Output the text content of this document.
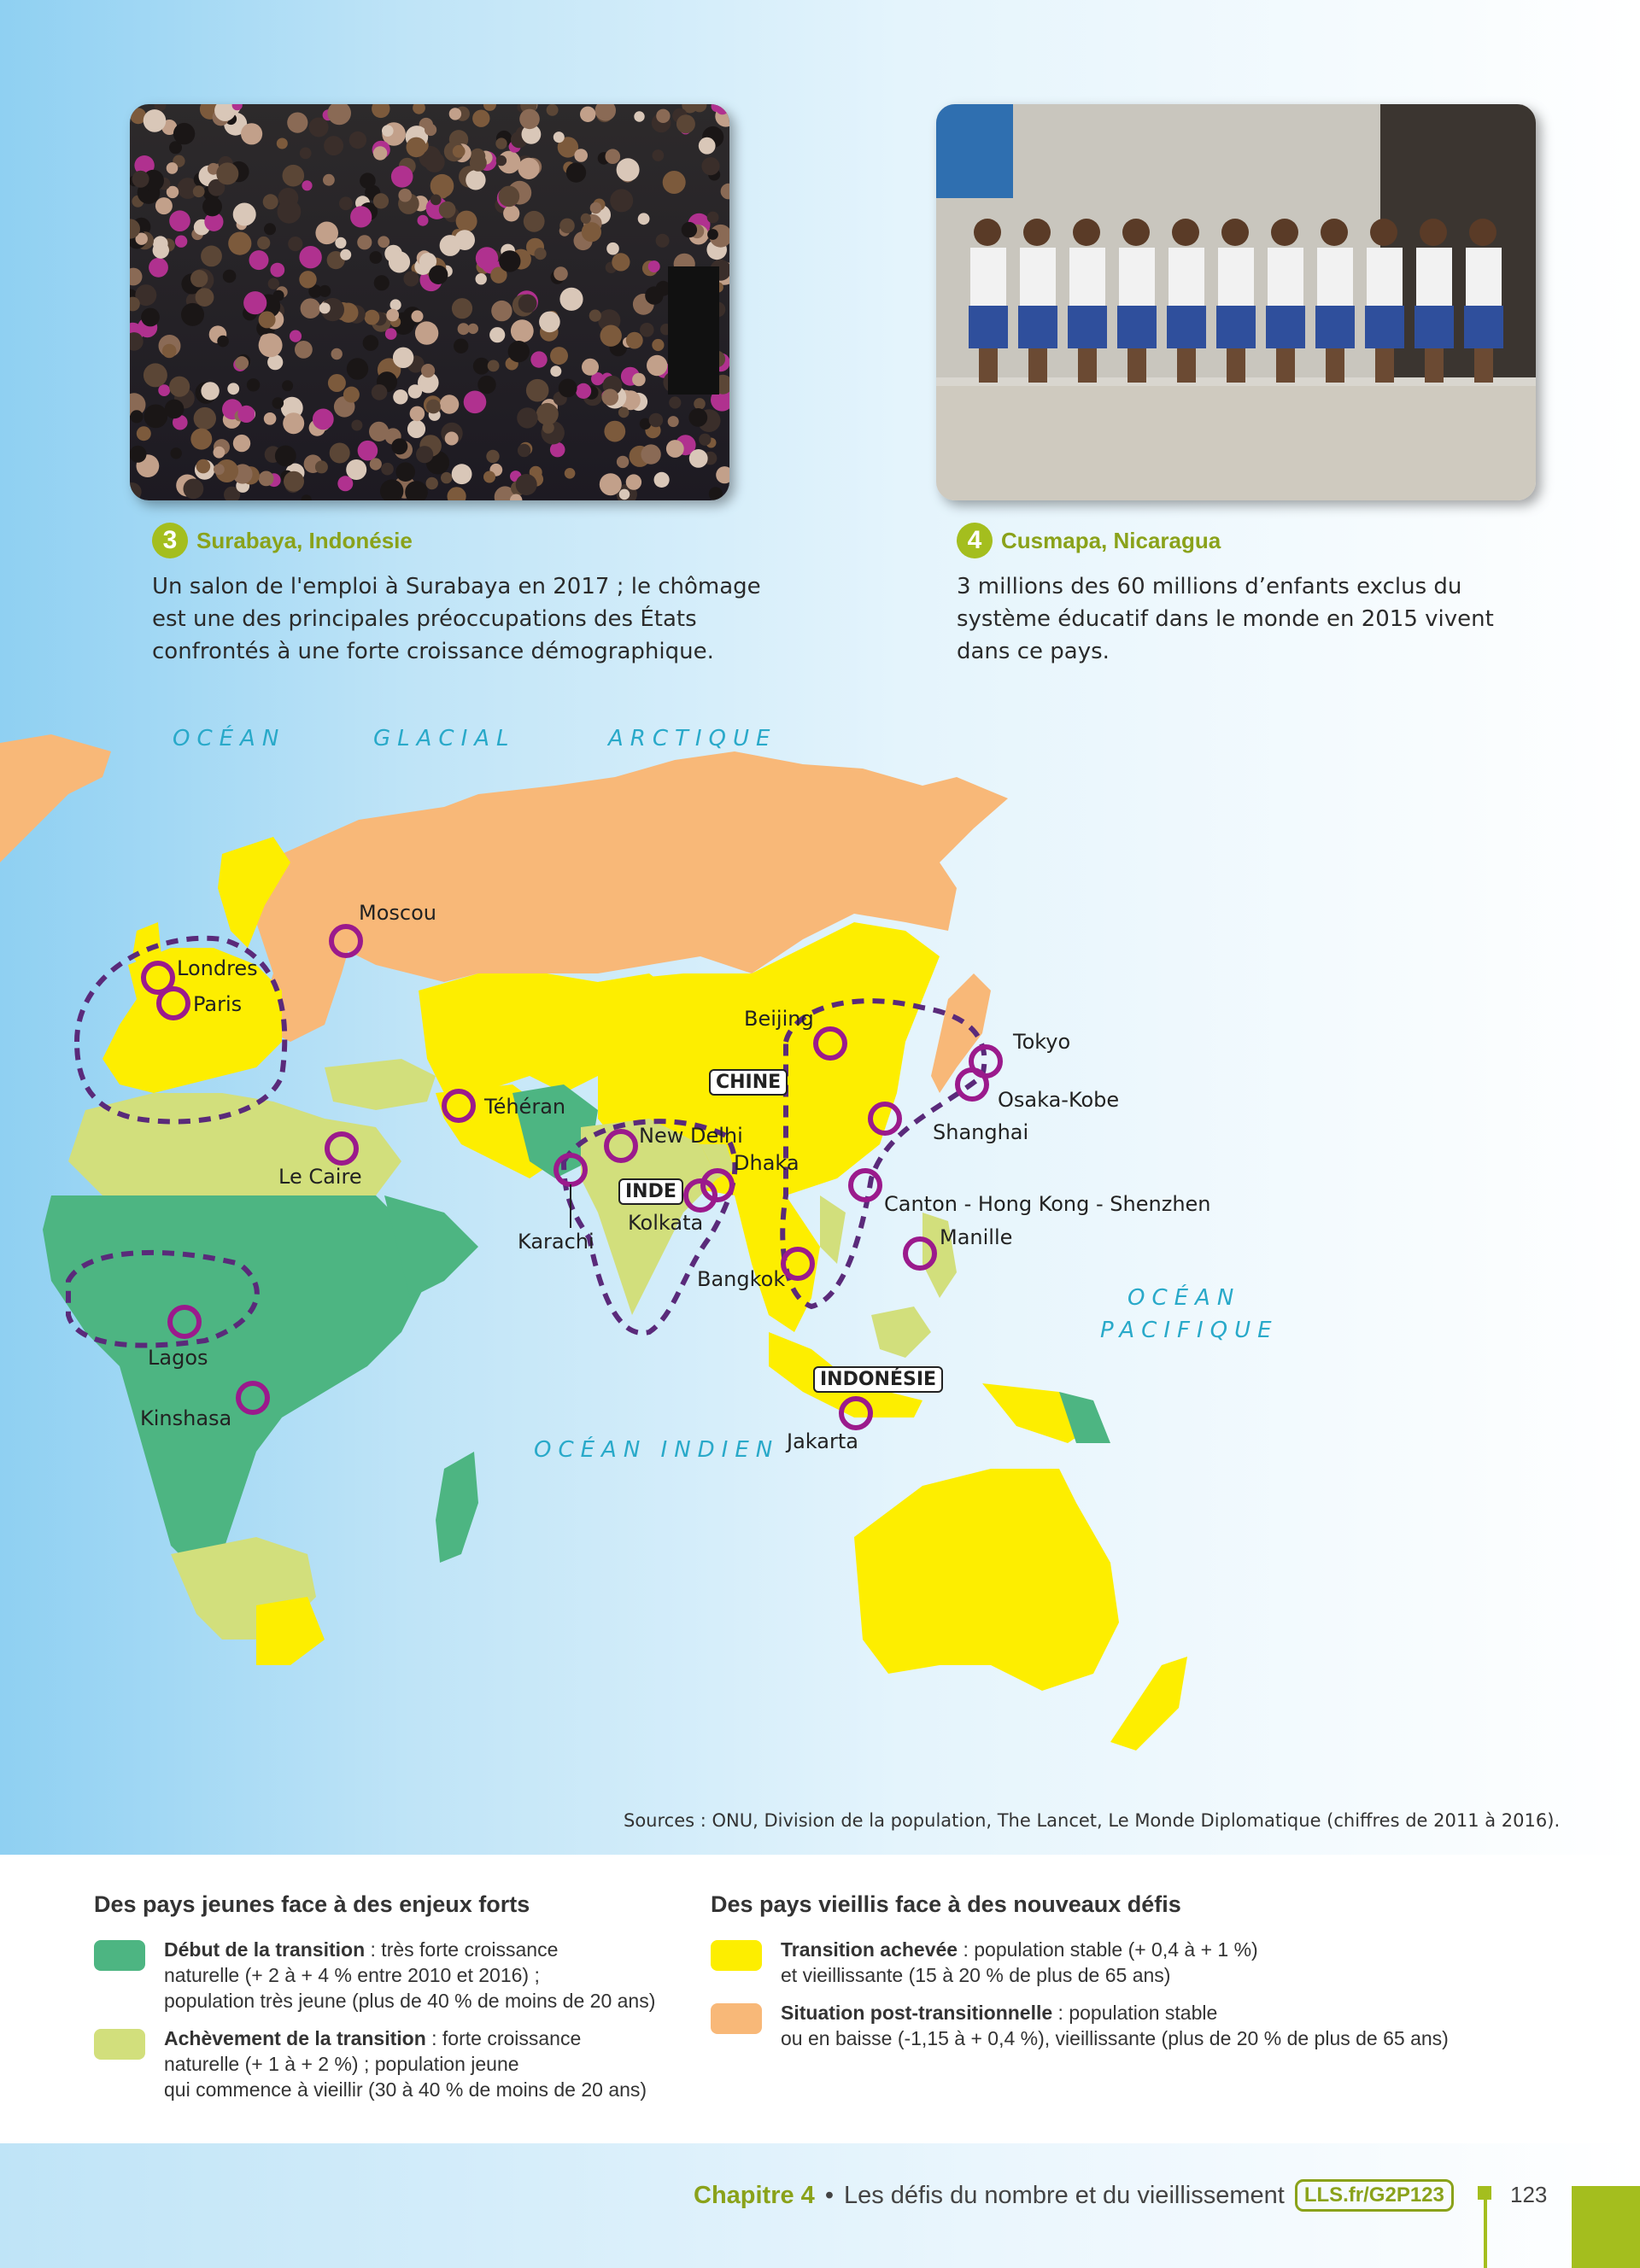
3 Surabaya, Indonésie
Un salon de l'emploi à Surabaya en 2017 ; le chômage
est une des principales préoccupations des États
confrontés à une forte croissance démographique.
4 Cusmapa, Nicaragua
3 millions des 60 millions d’enfants exclus du
système éducatif dans le monde en 2015 vivent
dans ce pays.
OCÉAN	GLACIAL	ARCTIQUE
OCÉAN
PACIFIQUE
OCÉAN INDIEN
CHINE
INDE
INDONÉSIE
Moscou
Londres
Paris
Téhéran
Le Caire
New Delhi
Dhaka
Kolkata
Karachi
Beijing
Tokyo
Osaka-Kobe
Shanghai
Canton - Hong Kong - Shenzhen
Manille
Bangkok
Lagos
Kinshasa
Jakarta
Sources : ONU, Division de la population, The Lancet, Le Monde Diplomatique (chiffres de 2011 à 2016).
Des pays jeunes face à des enjeux forts
Début de la transition : très forte croissance
naturelle (+ 2 à + 4 % entre 2010 et 2016) ;
population très jeune (plus de 40 % de moins de 20 ans)
Achèvement de la transition : forte croissance
naturelle (+ 1 à + 2 %) ; population jeune
qui commence à vieillir (30 à 40 % de moins de 20 ans)
Des pays vieillis face à des nouveaux défis
Transition achevée : population stable (+ 0,4 à + 1 %)
et vieillissante (15 à 20 % de plus de 65 ans)
Situation post-transitionnelle : population stable
ou en baisse (-1,15 à + 0,4 %), vieillissante (plus de 20 % de plus de 65 ans)
Chapitre 4 • Les défis du nombre et du vieillissement LLS.fr/G2P123	123
